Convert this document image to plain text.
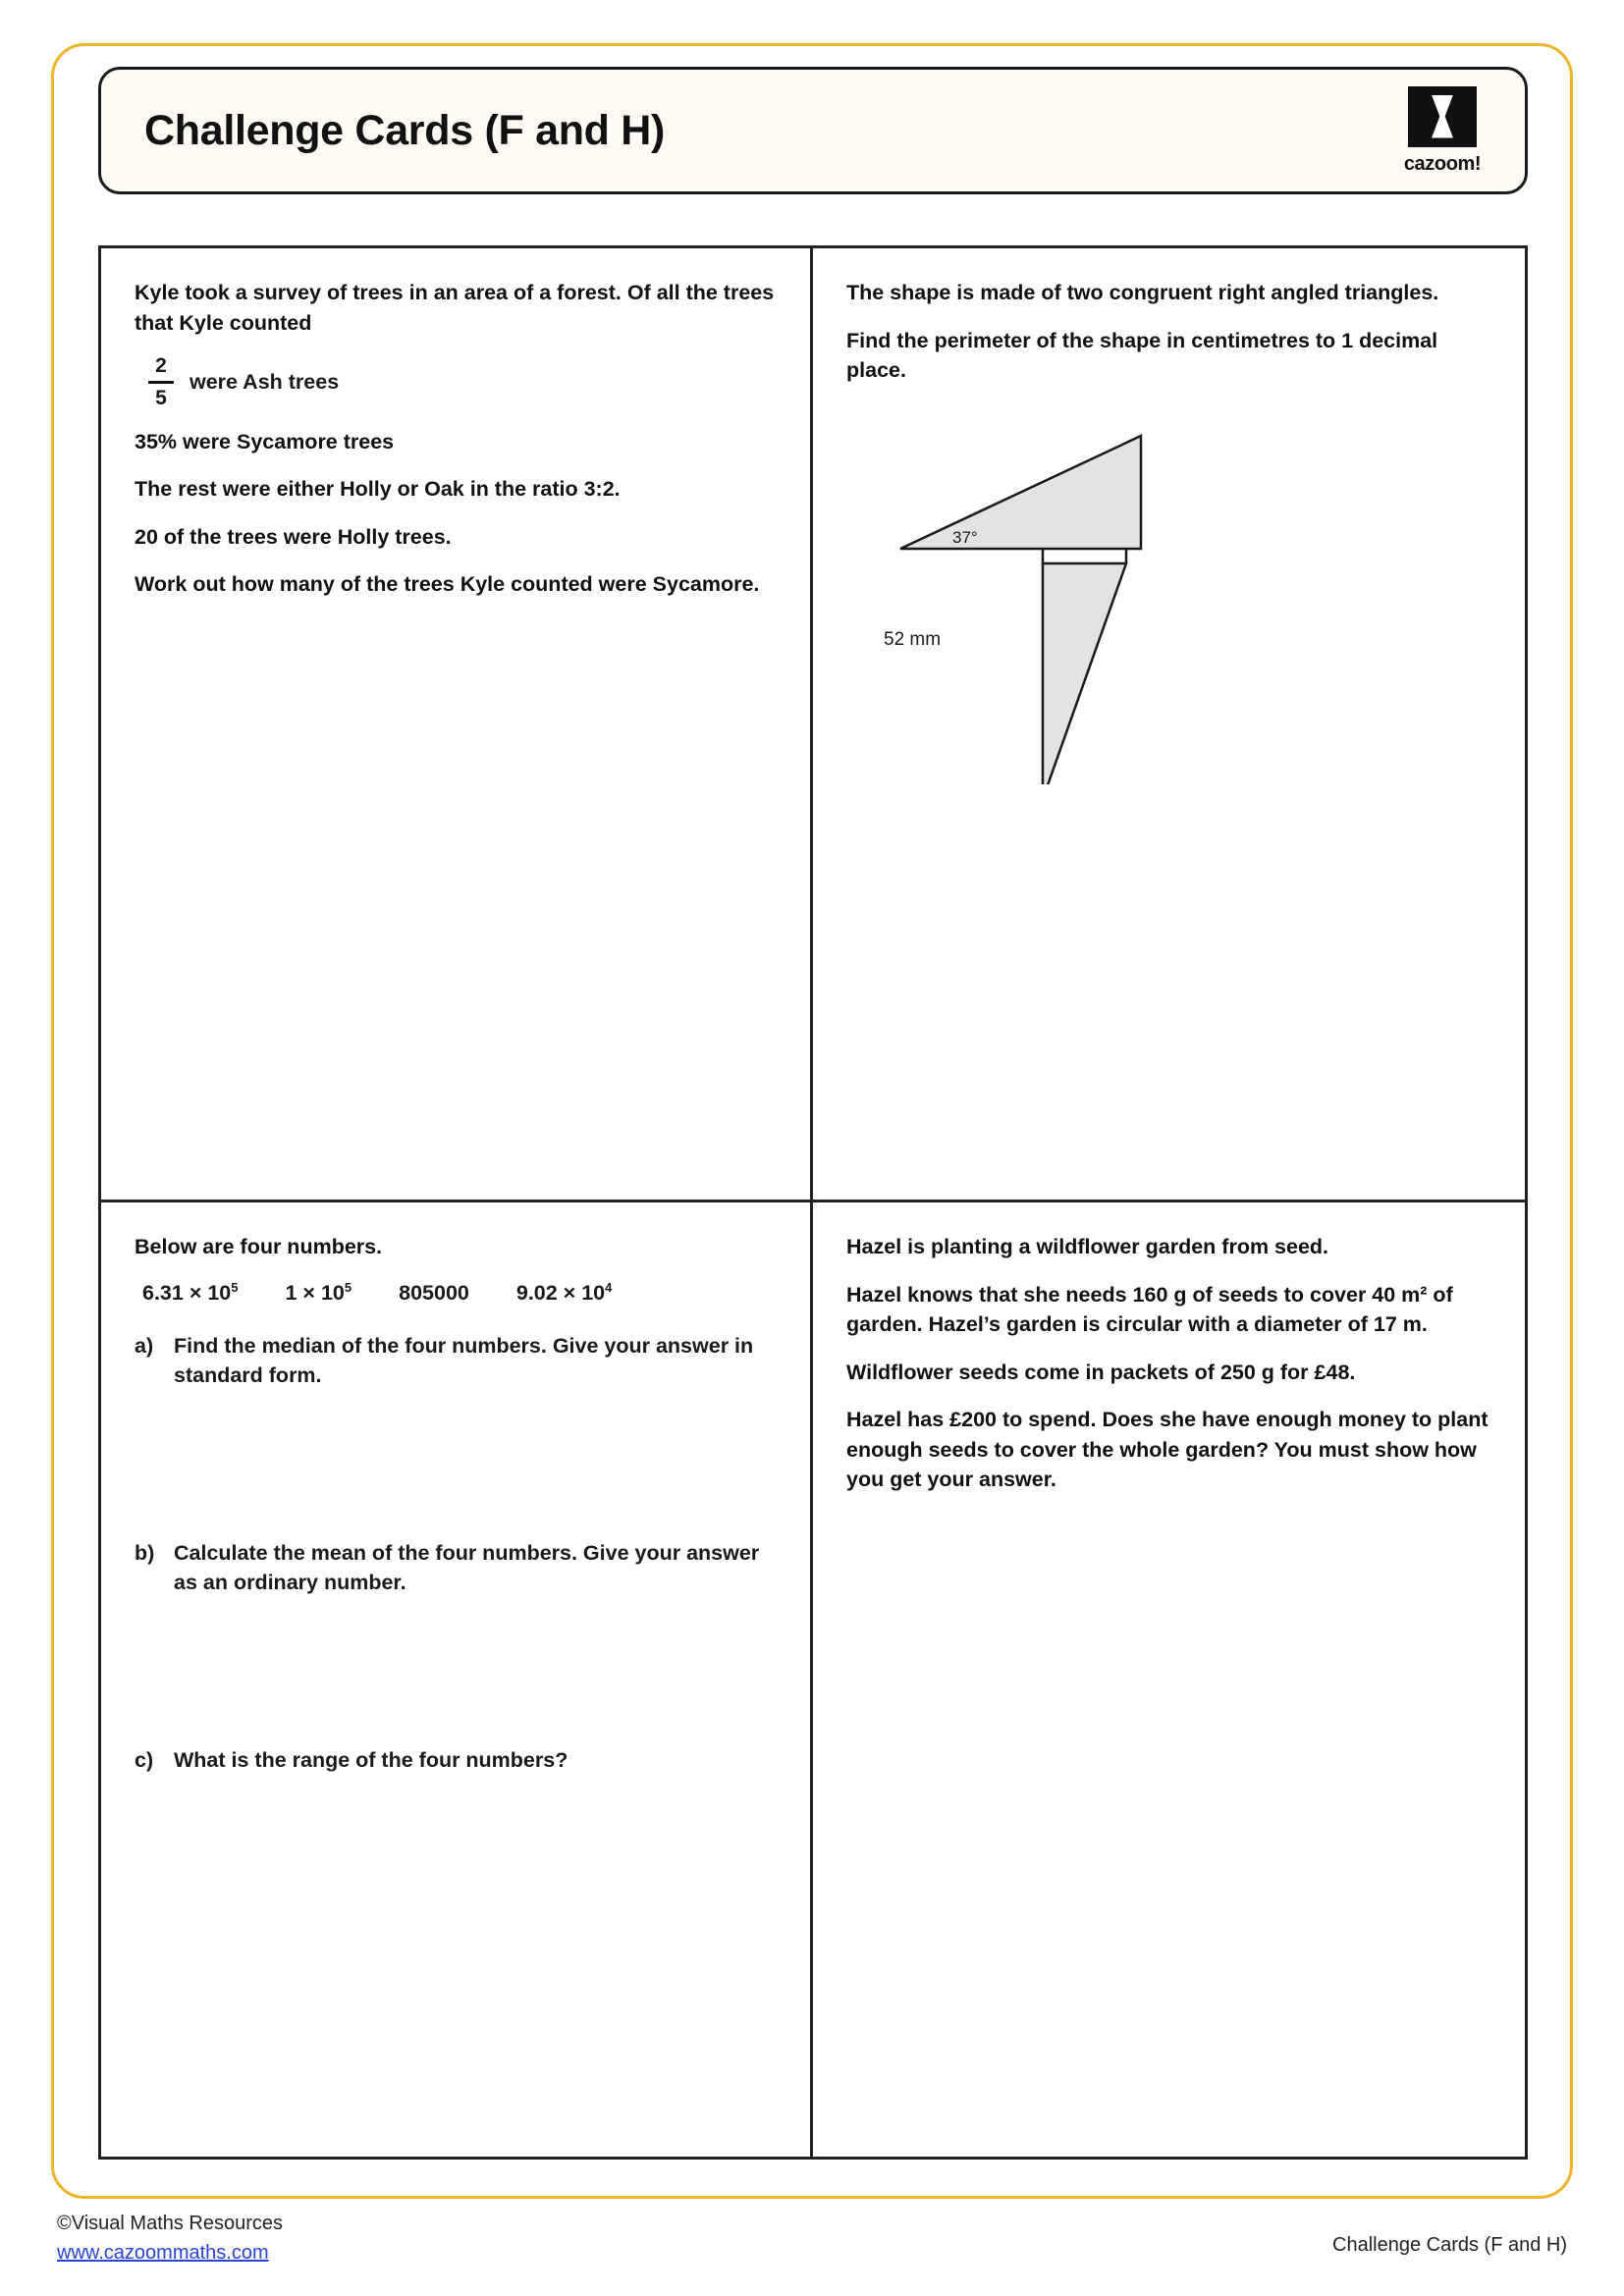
Challenge Cards (F and H)
cazoom!

Kyle took a survey of trees in an area of a forest. Of all the trees that Kyle counted

$\frac{2}{5}$ were Ash trees

35% were Sycamore trees

The rest were either Holly or Oak in the ratio 3:2.

20 of the trees were Holly trees.

Work out how many of the trees Kyle counted were Sycamore.

The shape is made of two congruent right angled triangles.

Find the perimeter of the shape in centimetres to 1 decimal place.

37°
52 mm

Below are four numbers.

$6.31 \times 10^5$ $1 \times 10^5$ 805000 $9.02 \times 10^4$
a) Find the median of the four numbers. Give your answer in standard form.
b) Calculate the mean of the four numbers. Give your answer as an ordinary number.
c) What is the range of the four numbers?

Hazel is planting a wildflower garden from seed.

Hazel knows that she needs 160 g of seeds to cover 40 m² of garden. Hazel’s garden is circular with a diameter of 17 m.

Wildflower seeds come in packets of 250 g for £48.

Hazel has £200 to spend. Does she have enough money to plant enough seeds to cover the whole garden? You must show how you get your answer.

©Visual Maths Resources
www.cazoommaths.com	Challenge Cards (F and H)
